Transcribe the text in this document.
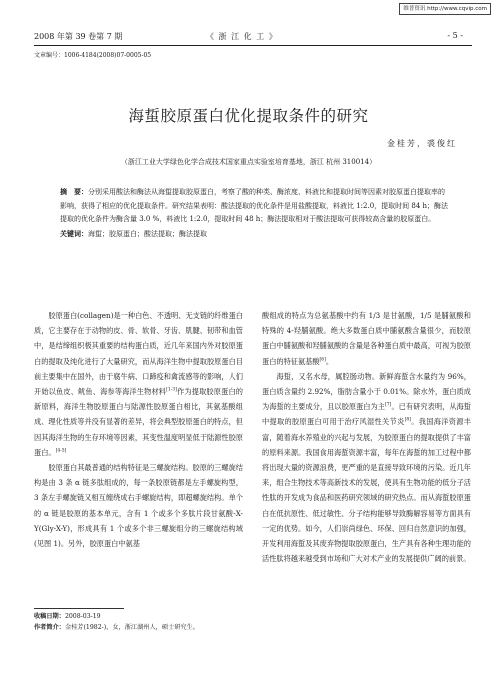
维普资讯 http://www.cqvip.com
2008 年第 39 卷第 7 期	《 浙 江 化 工 》	- 5 -
文章编号：1006-4184(2008)07-0005-05
海蜇胶原蛋白优化提取条件的研究
金桂芳，裘俊红
（浙江工业大学绿色化学合成技术国家重点实验室培育基地，浙江 杭州 310014）

摘　要：分别采用酸法和酶法从海蜇提取胶原蛋白，考察了酸的种类、酶浓度、料液比和提取时间等因素对胶原蛋白提取率的影响，获得了相应的优化提取条件。研究结果表明：酸法提取的优化条件是用盐酸提取，料液比 1:2.0，提取时间 84 h；酶法提取的优化条件为酶含量 3.0 %，料液比 1:2.0，提取时间 48 h；酶法提取相对于酸法提取可获得较高含量的胶原蛋白。

关键词：海蜇；胶原蛋白；酸法提取；酶法提取

胶原蛋白(collagen)是一种白色、不透明、无支链的纤维蛋白质，它主要存在于动物的皮、骨、软骨、牙齿、肌腱、韧带和血管中，是结缔组织极其重要的结构蛋白质，近几年来国内外对胶原蛋白的提取及纯化进行了大量研究，而从海洋生物中提取胶原蛋白目前主要集中在国外，由于腐牛病、口蹄疫和禽流感等的影响，人们开始以鱼皮、鱿鱼、海参等海洋生物材料[1-3]作为提取胶原蛋白的新原料，海洋生物胶原蛋白与陆源性胶原蛋白相比，其氨基酸组成、理化性质等并没有显著的差异，将会典型胶原蛋白的特点，但因其海洋生物的生存环境等因素，其变性温度明显低于陆源性胶原蛋白。[4-5]

胶原蛋白其最普通的结构特征是三螺旋结构。胶原的三螺旋结构是由 3 条 α 链多肽组成的，每一条胶原链都是左手螺旋构型，3 条左手螺旋链又相互缠绕成右手螺旋结构，即超螺旋结构。单个的 α 链是胶原的基本单元，含有 1 个或多个多肽片段甘氨酸-X-Y(Gly-X-Y)，形成具有 1 个或多个非三螺旋组分的三螺旋结构域(见图 1)。另外，胶原蛋白中氨基

酸组成的特点为总氨基酸中约有 1/3 是甘氨酸，1/5 是脯氨酸和特殊的 4-羟脯氨酸。绝大多数蛋白质中脯氨酸含量很少，而胶原蛋白中脯氨酸和羟脯氨酸的含量是各种蛋白质中最高，可视为胶原蛋白的特征氨基酸[6]。

海蜇，又名水母，属腔肠动物。新鲜海蜇含水量约为 96%，蛋白质含量约 2.92%，脂肪含量小于 0.01%。除水外，蛋白质成为海蜇的主要成分，且以胶原蛋白为主[7]。已有研究表明，从海蜇中提取的胶原蛋白可用于治疗风湿性关节炎[8]。我国海洋资源丰富，随着海水养殖业的兴起与发展，为胶原蛋白的提取提供了丰富的原料来源。我国食用海蜇资源丰富，每年在海蜇的加工过程中都将出现大量的资源浪费，更严重的是直接导致环境的污染。近几年来，组合生物技术等高新技术的发展，使具有生物功能的低分子活性肽的开发成为食品和医药研究领域的研究热点。而从海蜇胶原蛋白在低抗原性、低过敏性、分子结构能够导致酶解容易等方面具有一定的优势。如今，人们崇尚绿色、环保、回归自然意识的加强，开发利用海蜇及其废弃物提取胶原蛋白，生产具有各种生理功能的活性肽将越来越受到市场和广大对术产业的发展提供广阔的前景。

收稿日期：2008-03-19
作者简介：金桂芳(1982-)，女，浙江湖州人，硕士研究生。
